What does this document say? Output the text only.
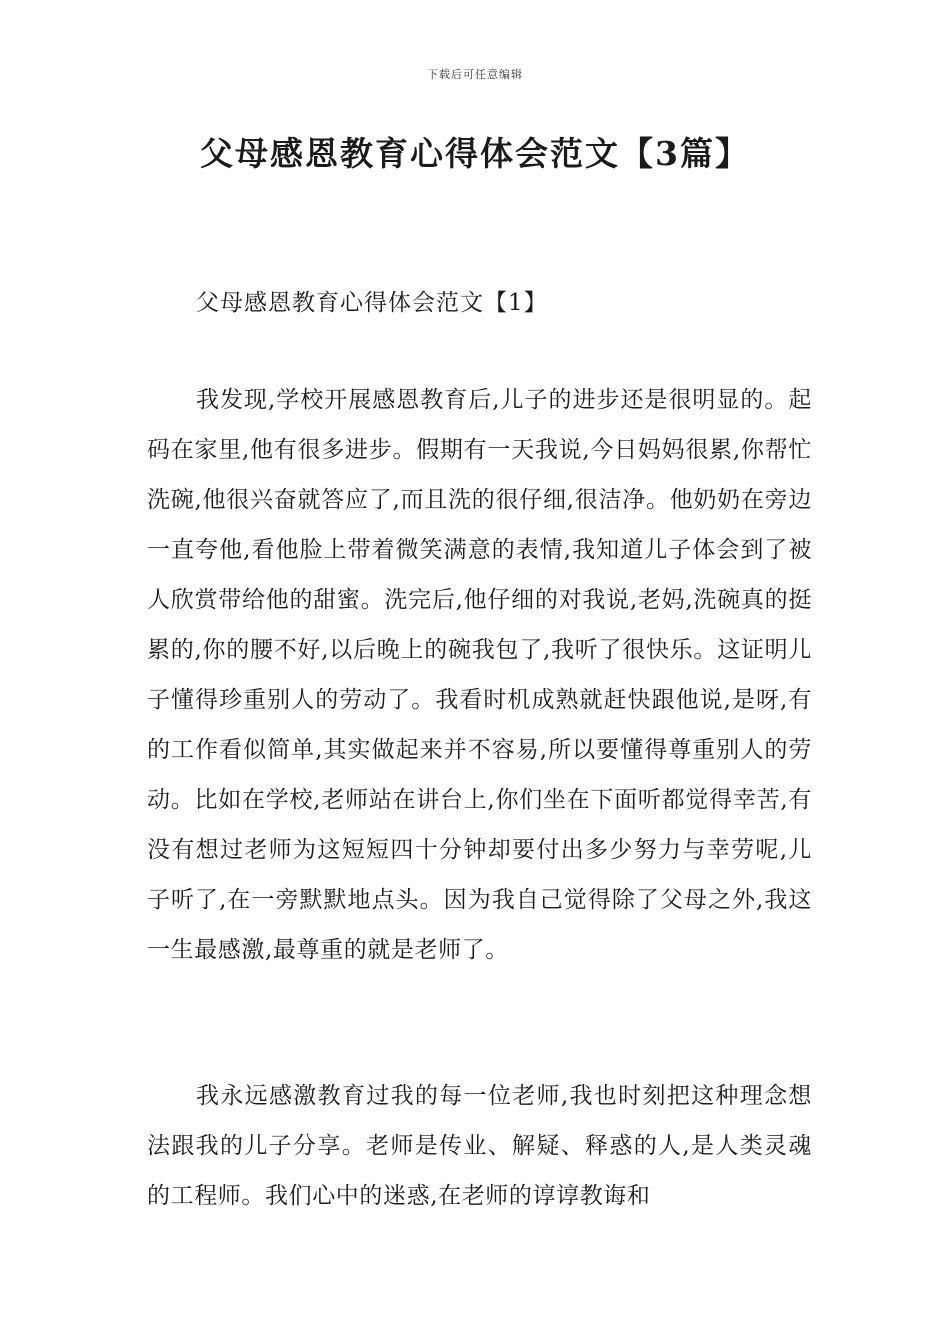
下载后可任意编辑
父母感恩教育心得体会范文【3篇】
父母感恩教育心得体会范文【1】

我发现,学校开展感恩教育后,儿子的进步还是很明显的。起码在家里,他有很多进步。假期有一天我说,今日妈妈很累,你帮忙洗碗,他很兴奋就答应了,而且洗的很仔细,很洁净。他奶奶在旁边一直夸他,看他脸上带着微笑满意的表情,我知道儿子体会到了被人欣赏带给他的甜蜜。洗完后,他仔细的对我说,老妈,洗碗真的挺累的,你的腰不好,以后晚上的碗我包了,我听了很快乐。这证明儿子懂得珍重别人的劳动了。我看时机成熟就赶快跟他说,是呀,有的工作看似简单,其实做起来并不容易,所以要懂得尊重别人的劳动。比如在学校,老师站在讲台上,你们坐在下面听都觉得幸苦,有没有想过老师为这短短四十分钟却要付出多少努力与幸劳呢,儿子听了,在一旁默默地点头。因为我自己觉得除了父母之外,我这一生最感激,最尊重的就是老师了。

我永远感激教育过我的每一位老师,我也时刻把这种理念想法跟我的儿子分享。老师是传业、解疑、释惑的人,是人类灵魂的工程师。我们心中的迷惑,在老师的谆谆教诲和
